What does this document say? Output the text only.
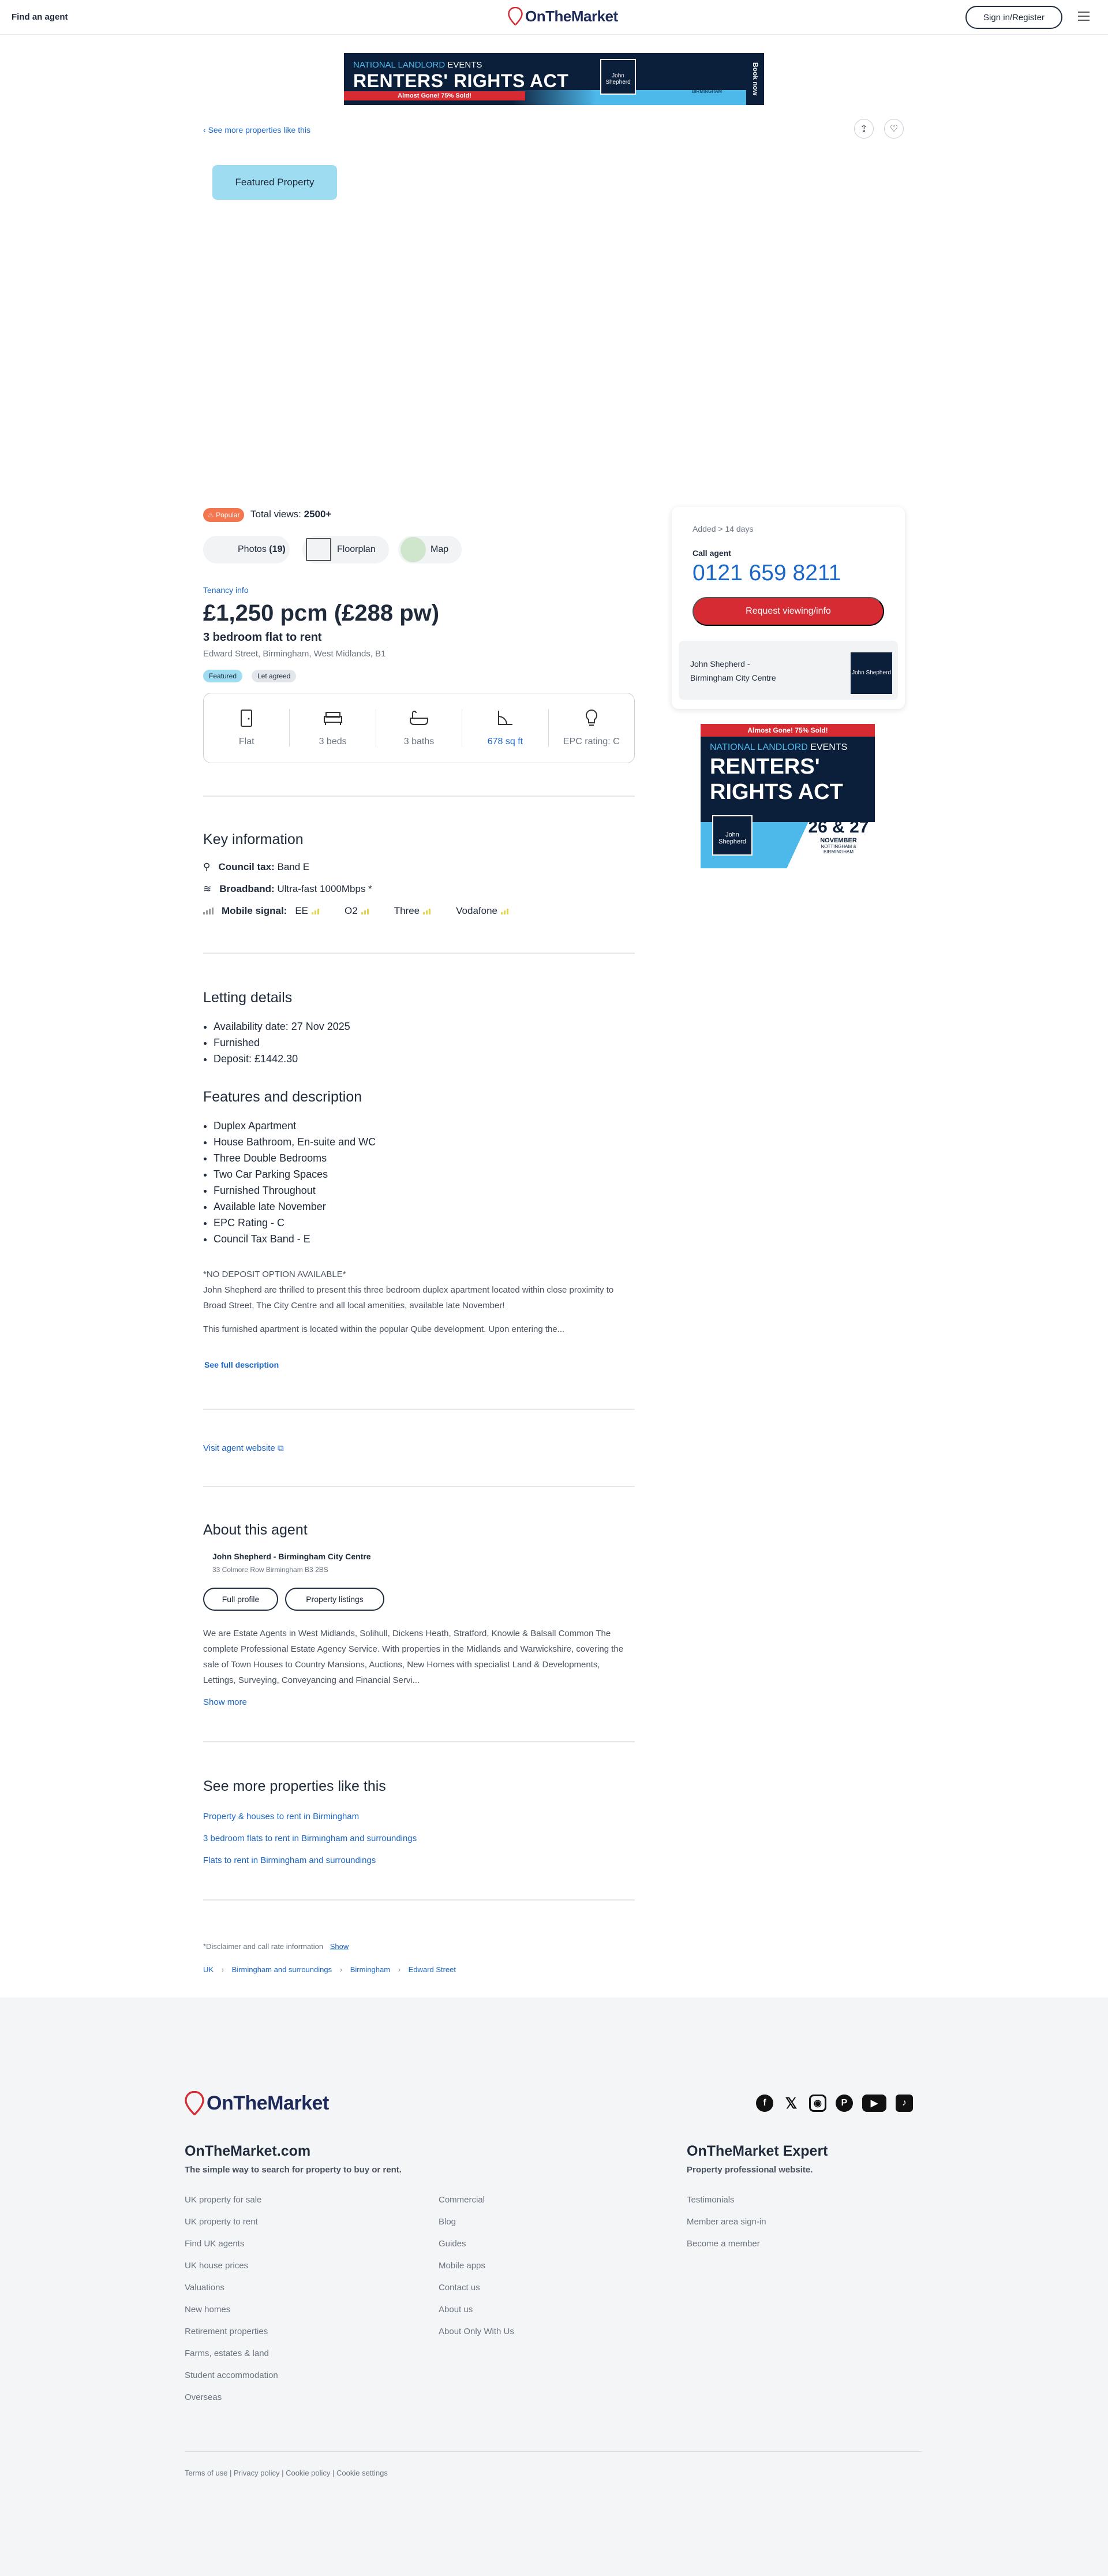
Find an agent	OnTheMarket	Sign in/Register
NATIONAL LANDLORD EVENTS
RENTERS' RIGHTS ACT
Almost Gone! 75% Sold!
John Shepherd
26 & 27
NOVEMBER
NOTTINGHAM & BIRMINGHAM	Book now
‹ See more properties like this	⇪ ♡
Featured Property
♨ Popular	Total views: 2500+
Photos
(19)	Floorplan	Map
Tenancy info
£1,250 pcm (£288 pw)
3 bedroom flat to rent
Edward Street, Birmingham, West Midlands, B1
Featured	Let agreed
Flat	3 beds	3 baths	678 sq ft	EPC rating: C
Key information
⚲ Council tax: Band E
≋ Broadband: Ultra-fast 1000Mbps *
Mobile signal: EE	O2	Three	Vodafone
Letting details
• Availability date: 27 Nov 2025
• Furnished
• Deposit: £1442.30
Features and description
• Duplex Apartment
• House Bathroom, En-suite and WC
• Three Double Bedrooms
• Two Car Parking Spaces
• Furnished Throughout
• Available late November
• EPC Rating - C
• Council Tax Band - E
*NO DEPOSIT OPTION AVAILABLE*
John Shepherd are thrilled to present this three bedroom duplex apartment located within close proximity to Broad Street, The City Centre and all local amenities, available late November!
This furnished apartment is located within the popular Qube development. Upon entering the...
See full description
Visit agent website ⧉
About this agent
John Shepherd - Birmingham City Centre
33 Colmore Row Birmingham B3 2BS
Full profile	Property listings
We are Estate Agents in West Midlands, Solihull, Dickens Heath, Stratford, Knowle & Balsall Common The complete Professional Estate Agency Service. With properties in the Midlands and Warwickshire, covering the sale of Town Houses to Country Mansions, Auctions, New Homes with specialist Land & Developments, Lettings, Surveying, Conveyancing and Financial Servi...
Show more
See more properties like this
Property & houses to rent in Birmingham
3 bedroom flats to rent in Birmingham and surroundings
Flats to rent in Birmingham and surroundings
*Disclaimer and call rate information Show
UK › Birmingham and surroundings › Birmingham › Edward Street
Added > 14 days
Call agent
0121 659 8211
Request viewing/info
John Shepherd - Birmingham City Centre
John Shepherd
Almost Gone! 75% Sold!
NATIONAL LANDLORD EVENTS
RENTERS' RIGHTS ACT
John Shepherd
26 & 27
NOVEMBER
NOTTINGHAM & BIRMINGHAM
OnTheMarket	f	𝕏	◉	P	▶	♪
OnTheMarket.com
The simple way to search for property to buy or rent.
UK property for sale
UK property to rent
Find UK agents
UK house prices
Valuations
New homes
Retirement properties
Farms, estates & land
Student accommodation
Overseas
Commercial
Blog
Guides
Mobile apps
Contact us
About us
About Only With Us
OnTheMarket Expert
Property professional website.
Testimonials
Member area sign-in
Become a member
Terms of use | Privacy policy | Cookie policy | Cookie settings
